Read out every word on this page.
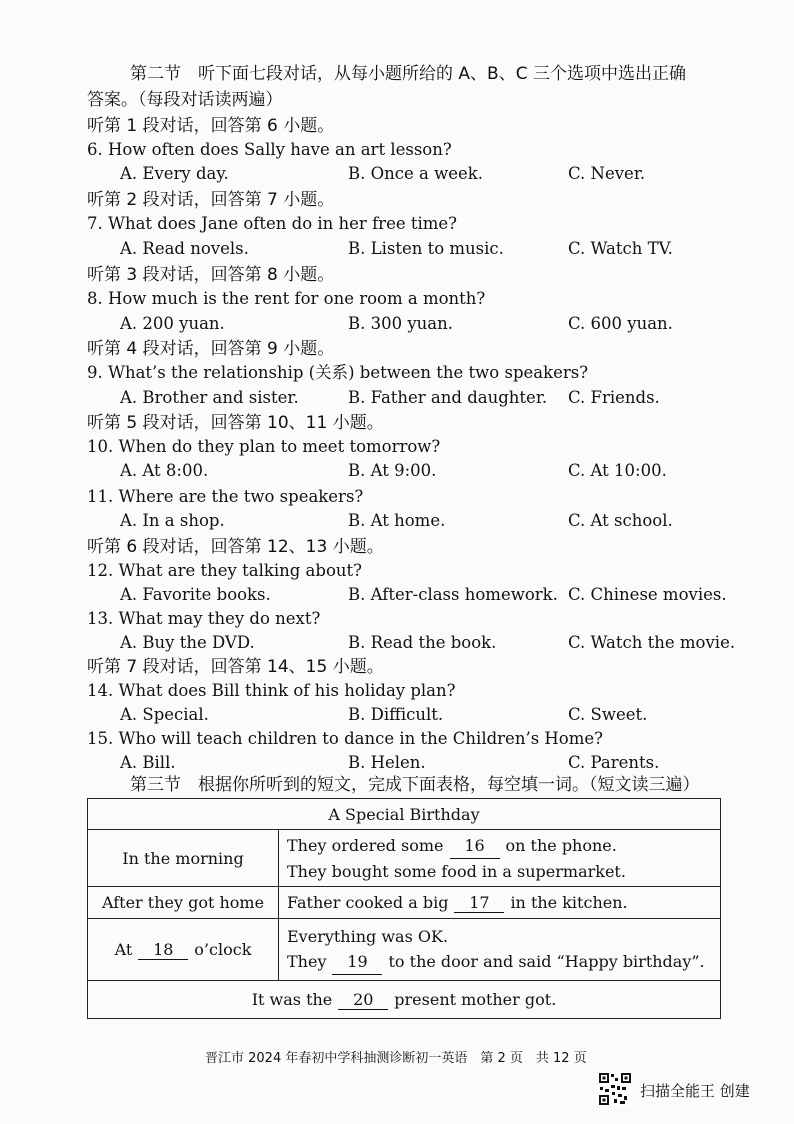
第二节　听下面七段对话，从每小题所给的 A、B、C 三个选项中选出正确
答案。（每段对话读两遍）
听第 1 段对话，回答第 6 小题。
6. How often does Sally have an art lesson?
A. Every day.	B. Once a week.	C. Never.
听第 2 段对话，回答第 7 小题。
7. What does Jane often do in her free time?
A. Read novels.	B. Listen to music.	C. Watch TV.
听第 3 段对话，回答第 8 小题。
8. How much is the rent for one room a month?
A. 200 yuan.	B. 300 yuan.	C. 600 yuan.
听第 4 段对话，回答第 9 小题。
9. What’s the relationship (关系) between the two speakers?
A. Brother and sister.	B. Father and daughter. C. Friends.
听第 5 段对话，回答第 10、11 小题。
10. When do they plan to meet tomorrow?
A. At 8:00.	B. At 9:00.	C. At 10:00.
11. Where are the two speakers?
A. In a shop.	B. At home.	C. At school.
听第 6 段对话，回答第 12、13 小题。
12. What are they talking about?
A. Favorite books.	B. After-class homework. C. Chinese movies.
13. What may they do next?
A. Buy the DVD.	B. Read the book.	C. Watch the movie.
听第 7 段对话，回答第 14、15 小题。
14. What does Bill think of his holiday plan?
A. Special.	B. Difficult.	C. Sweet.
15. Who will teach children to dance in the Children’s Home?
A. Bill.	B. Helen.	C. Parents.
第三节　根据你所听到的短文，完成下面表格，每空填一词。（短文读三遍）
A Special Birthday	
In the morning	They ordered some 16 on the phone.
They bought some food in a supermarket.

After they got home	Father cooked a big 17 in the kitchen.
At 18 o’clock	Everything was OK.
They 19 to the door and said “Happy birthday”.

It was the 20 present mother got.	
晋江市 2024 年春初中学科抽测诊断初一英语　第 2 页　共 12 页
扫描全能王 创建
